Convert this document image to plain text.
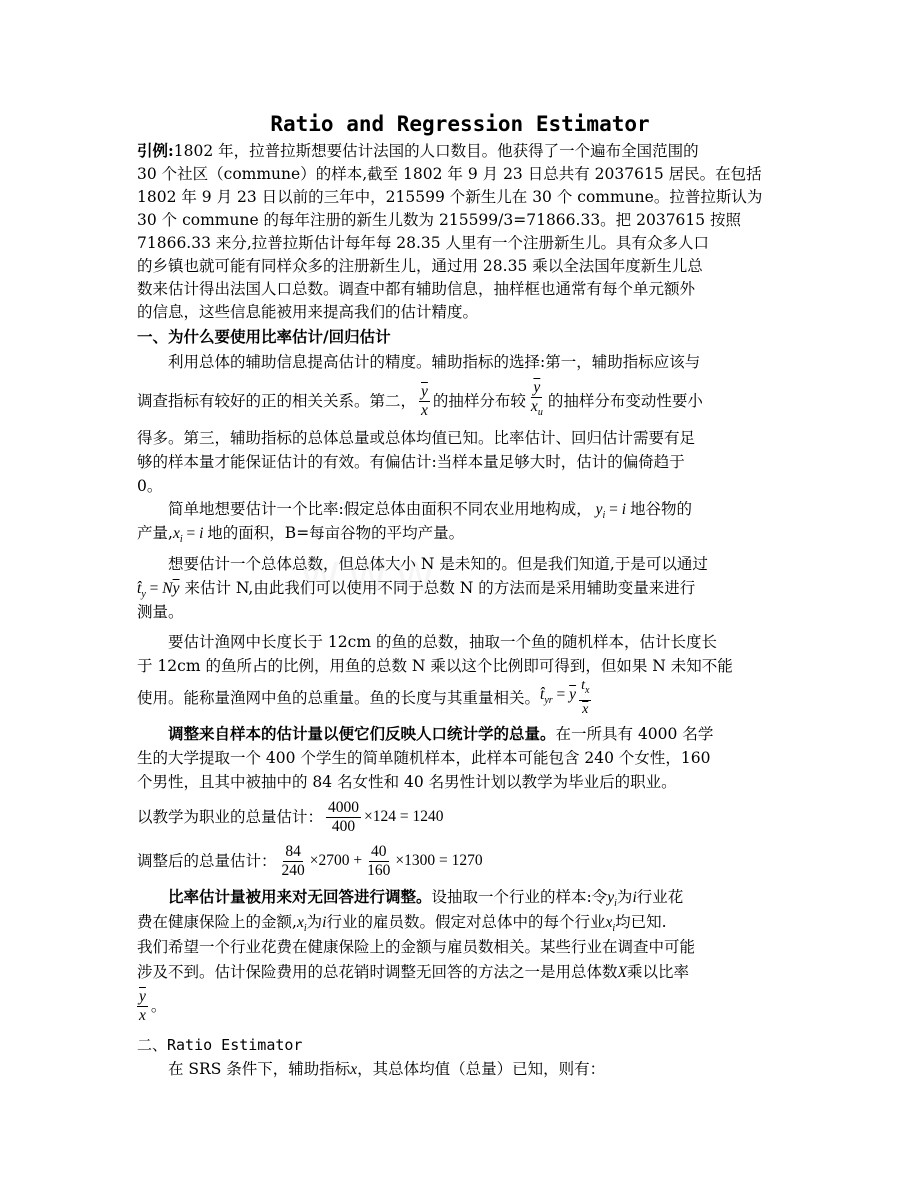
Ratio and Regression Estimator
引例:1802 年，拉普拉斯想要估计法国的人口数目。他获得了一个遍布全国范围的
30 个社区（commune）的样本,截至 1802 年 9 月 23 日总共有 2037615 居民。在包括
1802 年 9 月 23 日以前的三年中，215599 个新生儿在 30 个 commune。拉普拉斯认为
30 个 commune 的每年注册的新生儿数为 215599/3=71866.33。把 2037615 按照
71866.33 来分,拉普拉斯估计每年每 28.35 人里有一个注册新生儿。具有众多人口
的乡镇也就可能有同样众多的注册新生儿，通过用 28.35 乘以全法国年度新生儿总
数来估计得出法国人口总数。调查中都有辅助信息，抽样框也通常有每个单元额外
的信息，这些信息能被用来提高我们的估计精度。
一、为什么要使用比率估计/回归估计
利用总体的辅助信息提高估计的精度。辅助指标的选择:第一，辅助指标应该与
调查指标有较好的正的相关关系。第二， $\frac{\overline{y}}{x}$ 的抽样分布较 $\frac{\overline{y}}{\overline{x}_u}$ 的抽样分布变动性要小
得多。第三，辅助指标的总体总量或总体均值已知。比率估计、回归估计需要有足
够的样本量才能保证估计的有效。有偏估计:当样本量足够大时，估计的偏倚趋于
0。
简单地想要估计一个比率:假定总体由面积不同农业用地构成， $y_i = i$ 地谷物的
产量$,x_i = i$ 地的面积，B=每亩谷物的平均产量。
想要估计一个总体总数，但总体大小 N 是未知的。但是我们知道,于是可以通过
$t̂_y = N\overline{y}$ 来估计 N,由此我们可以使用不同于总数 N 的方法而是采用辅助变量来进行
测量。
要估计渔网中长度长于 12cm 的鱼的总数，抽取一个鱼的随机样本，估计长度长
于 12cm 的鱼所占的比例，用鱼的总数 N 乘以这个比例即可得到，但如果 N 未知不能
使用。能称量渔网中鱼的总重量。鱼的长度与其重量相关。 $t̂_{yr} = \overline{y} \frac{t_x}{x}$
调整来自样本的估计量以便它们反映人口统计学的总量。在一所具有 4000 名学
生的大学提取一个 400 个学生的简单随机样本，此样本可能包含 240 个女性，160
个男性，且其中被抽中的 84 名女性和 40 名男性计划以教学为毕业后的职业。
以教学为职业的总量估计： $\frac{4000}{400} \times 124 = 1240$
调整后的总量估计： $\frac{84}{240} \times 2700 + \frac{40}{160} \times 1300 = 1270$
比率估计量被用来对无回答进行调整。设抽取一个行业的样本:令$y_i$为i行业花
费在健康保险上的金额$,x_i$为i行业的雇员数。假定对总体中的每个行业$x_i$均已知.
我们希望一个行业花费在健康保险上的金额与雇员数相关。某些行业在调查中可能
涉及不到。估计保险费用的总花销时调整无回答的方法之一是用总体数X乘以比率
$\frac{\overline{y}}{x}$ 。
二、Ratio Estimator
在 SRS 条件下，辅助指标x，其总体均值（总量）已知，则有：
